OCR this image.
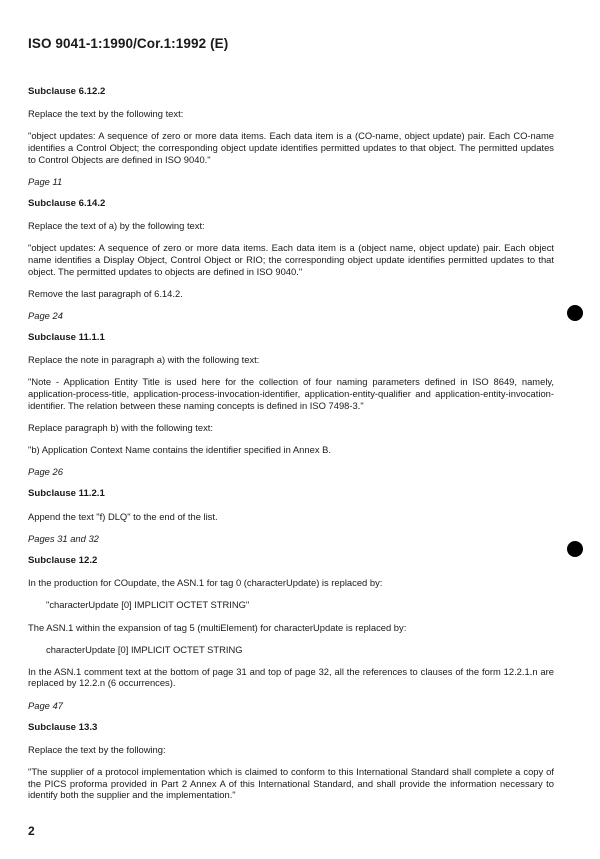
ISO 9041-1:1990/Cor.1:1992 (E)

Subclause 6.12.2

Replace the text by the following text:

"object updates: A sequence of zero or more data items. Each data item is a (CO-name, object update) pair. Each CO-name identifies a Control Object; the corresponding object update identifies permitted updates to that object. The permitted updates to Control Objects are defined in ISO 9040."

Page 11

Subclause 6.14.2

Replace the text of a) by the following text:

"object updates: A sequence of zero or more data items. Each data item is a (object name, object update) pair. Each object name identifies a Display Object, Control Object or RIO; the corresponding object update identifies permitted updates to that object. The permitted updates to objects are defined in ISO 9040."

Remove the last paragraph of 6.14.2.

Page 24

Subclause 11.1.1

Replace the note in paragraph a) with the following text:

"Note - Application Entity Title is used here for the collection of four naming parameters defined in ISO 8649, namely, application-process-title, application-process-invocation-identifier, application-entity-qualifier and application-entity-invocation-identifier. The relation between these naming concepts is defined in ISO 7498-3."

Replace paragraph b) with the following text:

"b) Application Context Name contains the identifier specified in Annex B.

Page 26

Subclause 11.2.1

Append the text "f) DLQ" to the end of the list.

Pages 31 and 32

Subclause 12.2

In the production for COupdate, the ASN.1 for tag 0 (characterUpdate) is replaced by:

"characterUpdate [0] IMPLICIT OCTET STRING"

The ASN.1 within the expansion of tag 5 (multiElement) for characterUpdate is replaced by:

characterUpdate [0] IMPLICIT OCTET STRING

In the ASN.1 comment text at the bottom of page 31 and top of page 32, all the references to clauses of the form 12.2.1.n are replaced by 12.2.n (6 occurrences).

Page 47

Subclause 13.3

Replace the text by the following:

"The supplier of a protocol implementation which is claimed to conform to this International Standard shall complete a copy of the PICS proforma provided in Part 2 Annex A of this International Standard, and shall provide the information necessary to identify both the supplier and the implementation."

2
